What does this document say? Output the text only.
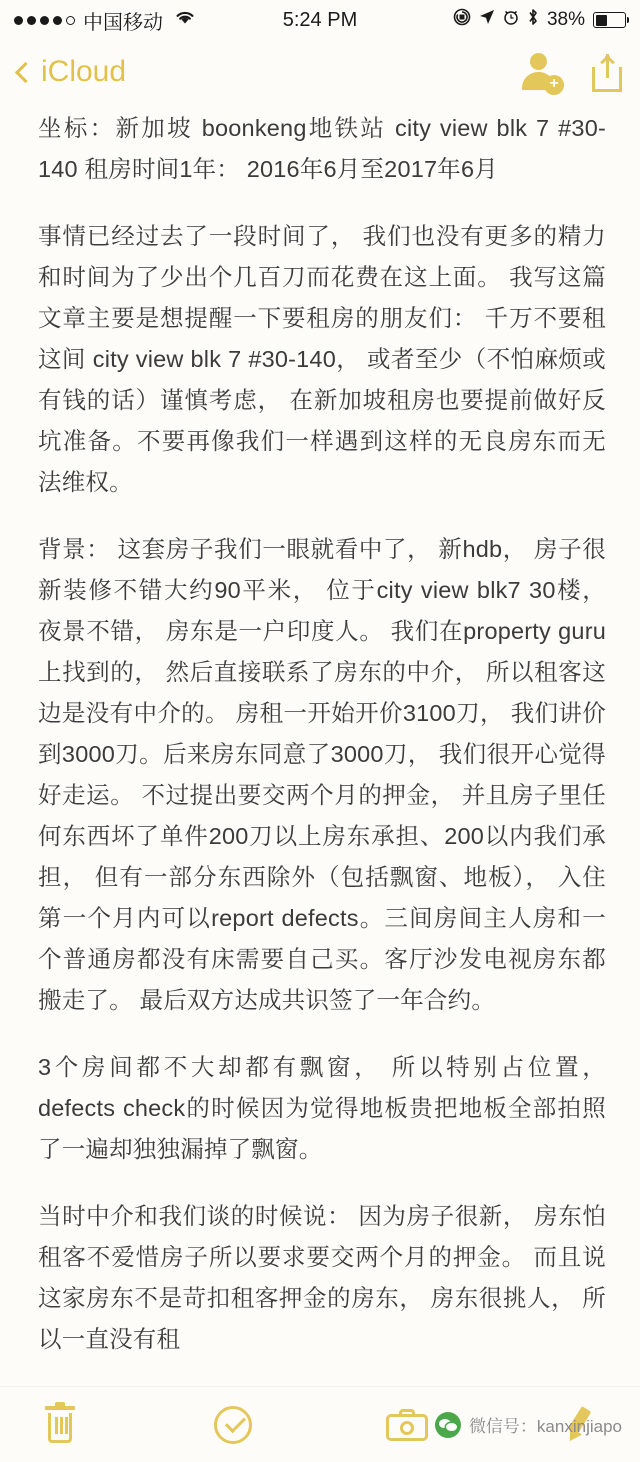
中国移动	5:24 PM	38%
iCloud	+

坐标：新加坡 boonkeng地铁站 city view blk 7 #30-140 租房时间1年： 2016年6月至2017年6月

事情已经过去了一段时间了， 我们也没有更多的精力和时间为了少出个几百刀而花费在这上面。 我写这篇文章主要是想提醒一下要租房的朋友们： 千万不要租这间 city view blk 7 #30-140， 或者至少（不怕麻烦或有钱的话）谨慎考虑， 在新加坡租房也要提前做好反坑准备。不要再像我们一样遇到这样的无良房东而无法维权。

背景： 这套房子我们一眼就看中了， 新hdb， 房子很新装修不错大约90平米， 位于city view blk7 30楼， 夜景不错， 房东是一户印度人。 我们在property guru上找到的， 然后直接联系了房东的中介， 所以租客这边是没有中介的。 房租一开始开价3100刀， 我们讲价到3000刀。后来房东同意了3000刀， 我们很开心觉得好走运。 不过提出要交两个月的押金， 并且房子里任何东西坏了单件200刀以上房东承担、200以内我们承担， 但有一部分东西除外（包括飘窗、地板）， 入住第一个月内可以report defects。三间房间主人房和一个普通房都没有床需要自己买。客厅沙发电视房东都搬走了。 最后双方达成共识签了一年合约。

3个房间都不大却都有飘窗， 所以特别占位置， defects check的时候因为觉得地板贵把地板全部拍照了一遍却独独漏掉了飘窗。

当时中介和我们谈的时候说： 因为房子很新， 房东怕租客不爱惜房子所以要求要交两个月的押金。 而且说这家房东不是苛扣租客押金的房东， 房东很挑人， 所以一直没有租

微信号：kanxinjiapo
